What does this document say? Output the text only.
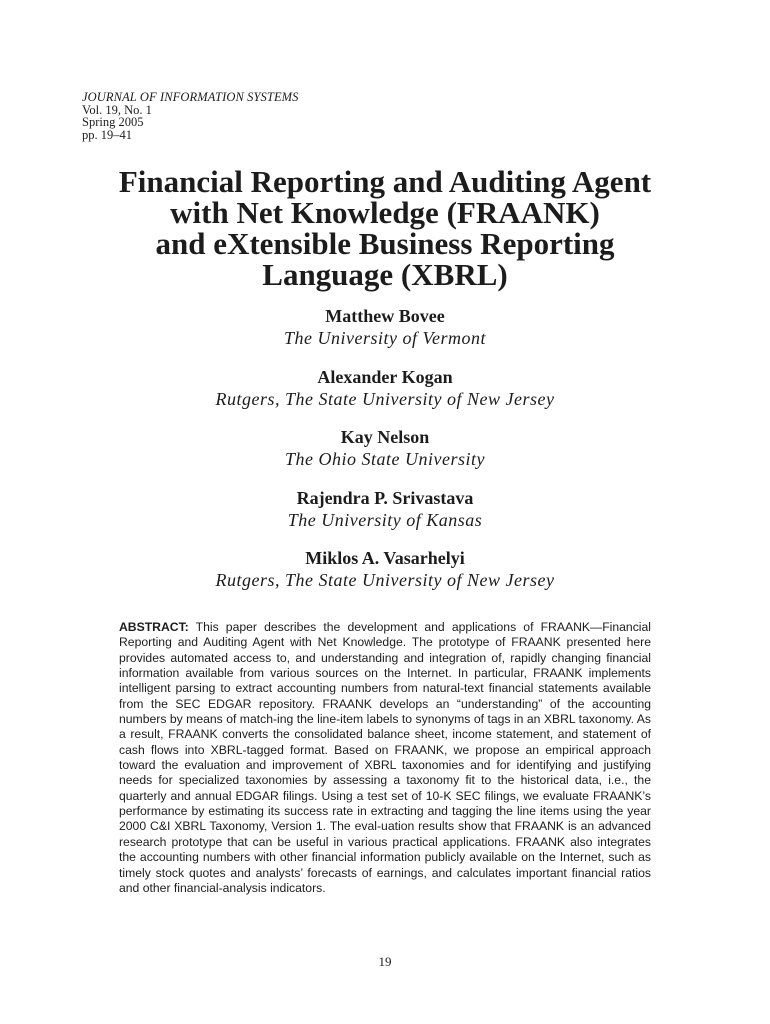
JOURNAL OF INFORMATION SYSTEMS
Vol. 19, No. 1
Spring 2005
pp. 19–41
Financial Reporting and Auditing Agent
with Net Knowledge (FRAANK)
and eXtensible Business Reporting
Language (XBRL)
Matthew Bovee
The University of Vermont
Alexander Kogan
Rutgers, The State University of New Jersey
Kay Nelson
The Ohio State University
Rajendra P. Srivastava
The University of Kansas
Miklos A. Vasarhelyi
Rutgers, The State University of New Jersey

ABSTRACT: This paper describes the development and applications of FRAANK—Financial Reporting and Auditing Agent with Net Knowledge. The prototype of FRAANK presented here provides automated access to, and understanding and integration of, rapidly changing financial information available from various sources on the Internet. In particular, FRAANK implements intelligent parsing to extract accounting numbers from natural-text financial statements available from the SEC EDGAR repository. FRAANK develops an “understanding” of the accounting numbers by means of match-ing the line-item labels to synonyms of tags in an XBRL taxonomy. As a result, FRAANK converts the consolidated balance sheet, income statement, and statement of cash flows into XBRL-tagged format. Based on FRAANK, we propose an empirical approach toward the evaluation and improvement of XBRL taxonomies and for identifying and justifying needs for specialized taxonomies by assessing a taxonomy fit to the historical data, i.e., the quarterly and annual EDGAR filings. Using a test set of 10-K SEC filings, we evaluate FRAANK’s performance by estimating its success rate in extracting and tagging the line items using the year 2000 C&I XBRL Taxonomy, Version 1. The eval-uation results show that FRAANK is an advanced research prototype that can be useful in various practical applications. FRAANK also integrates the accounting numbers with other financial information publicly available on the Internet, such as timely stock quotes and analysts’ forecasts of earnings, and calculates important financial ratios and other financial-analysis indicators.

19
